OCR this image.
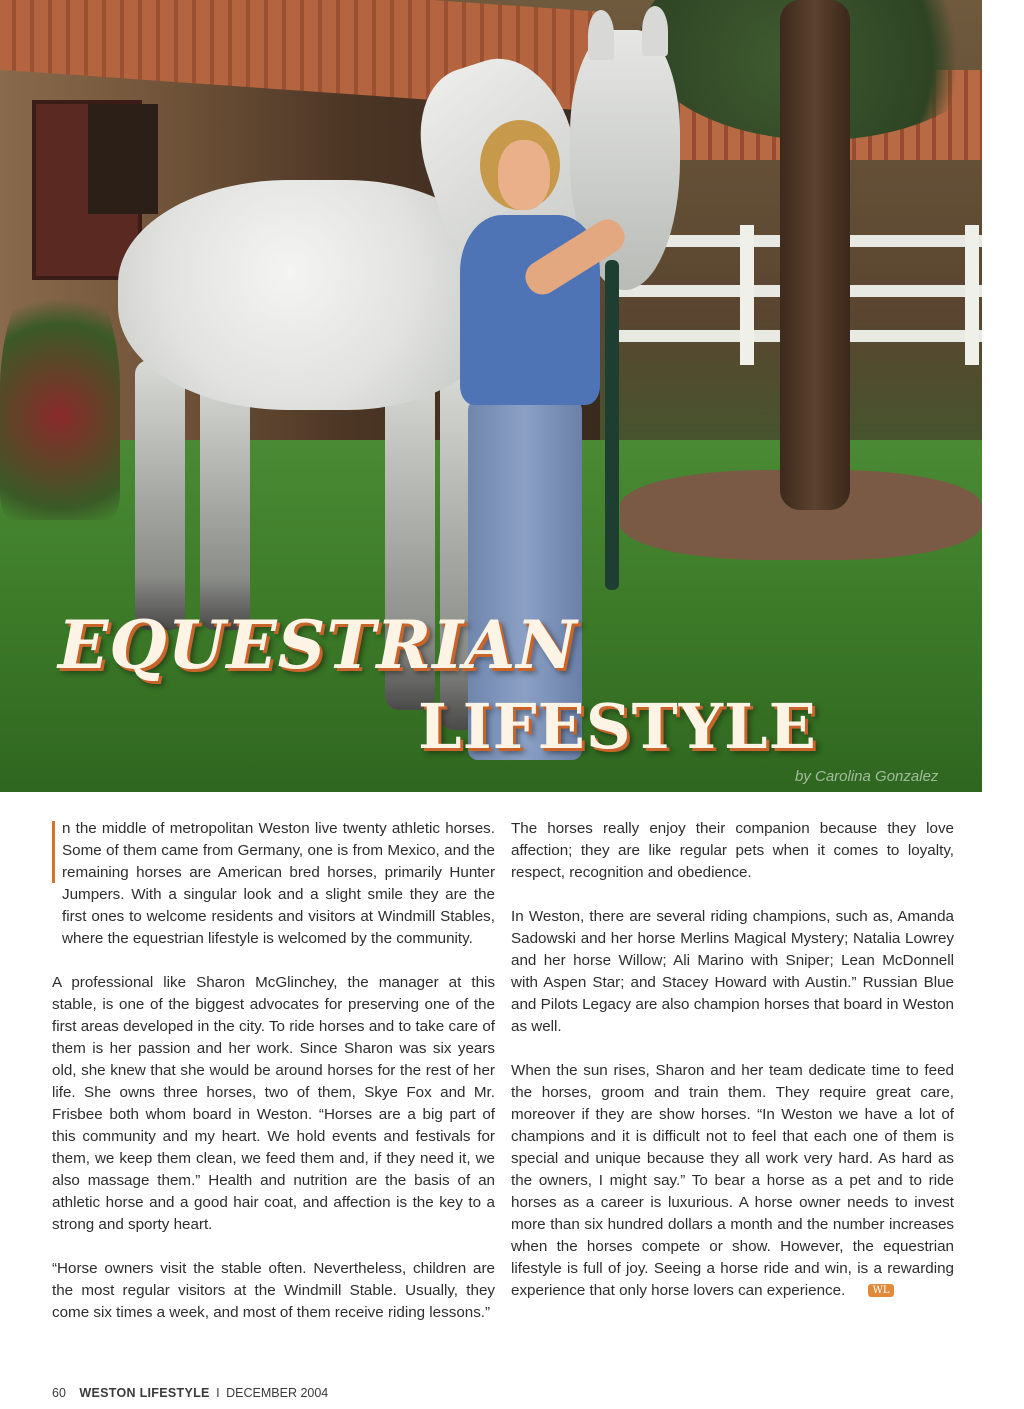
EQUESTRIAN
LIFESTYLE
by Carolina Gonzalez

n the middle of metropolitan Weston live twenty athletic horses. Some of them came from Germany, one is from Mexico, and the remaining horses are American bred horses, primarily Hunter Jumpers. With a singular look and a slight smile they are the first ones to welcome residents and visitors at Windmill Stables, where the equestrian lifestyle is welcomed by the community.

A professional like Sharon McGlinchey, the manager at this stable, is one of the biggest advocates for preserving one of the first areas developed in the city. To ride horses and to take care of them is her passion and her work. Since Sharon was six years old, she knew that she would be around horses for the rest of her life. She owns three horses, two of them, Skye Fox and Mr. Frisbee both whom board in Weston. “Horses are a big part of this community and my heart. We hold events and festivals for them, we keep them clean, we feed them and, if they need it, we also massage them.” Health and nutrition are the basis of an athletic horse and a good hair coat, and affection is the key to a strong and sporty heart.

“Horse owners visit the stable often. Nevertheless, children are the most regular visitors at the Windmill Stable. Usually, they come six times a week, and most of them receive riding lessons.”

The horses really enjoy their companion because they love affection; they are like regular pets when it comes to loyalty, respect, recognition and obedience.

In Weston, there are several riding champions, such as, Amanda Sadowski and her horse Merlins Magical Mystery; Natalia Lowrey and her horse Willow; Ali Marino with Sniper; Lean McDonnell with Aspen Star; and Stacey Howard with Austin.” Russian Blue and Pilots Legacy are also champion horses that board in Weston as well.

When the sun rises, Sharon and her team dedicate time to feed the horses, groom and train them. They require great care, moreover if they are show horses. “In Weston we have a lot of champions and it is difficult not to feel that each one of them is special and unique because they all work very hard. As hard as the owners, I might say.” To bear a horse as a pet and to ride horses as a career is luxurious. A horse owner needs to invest more than six hundred dollars a month and the number increases when the horses compete or show. However, the equestrian lifestyle is full of joy. Seeing a horse ride and win, is a rewarding experience that only horse lovers can experience.	WL

60 WESTON LIFESTYLE I DECEMBER 2004
